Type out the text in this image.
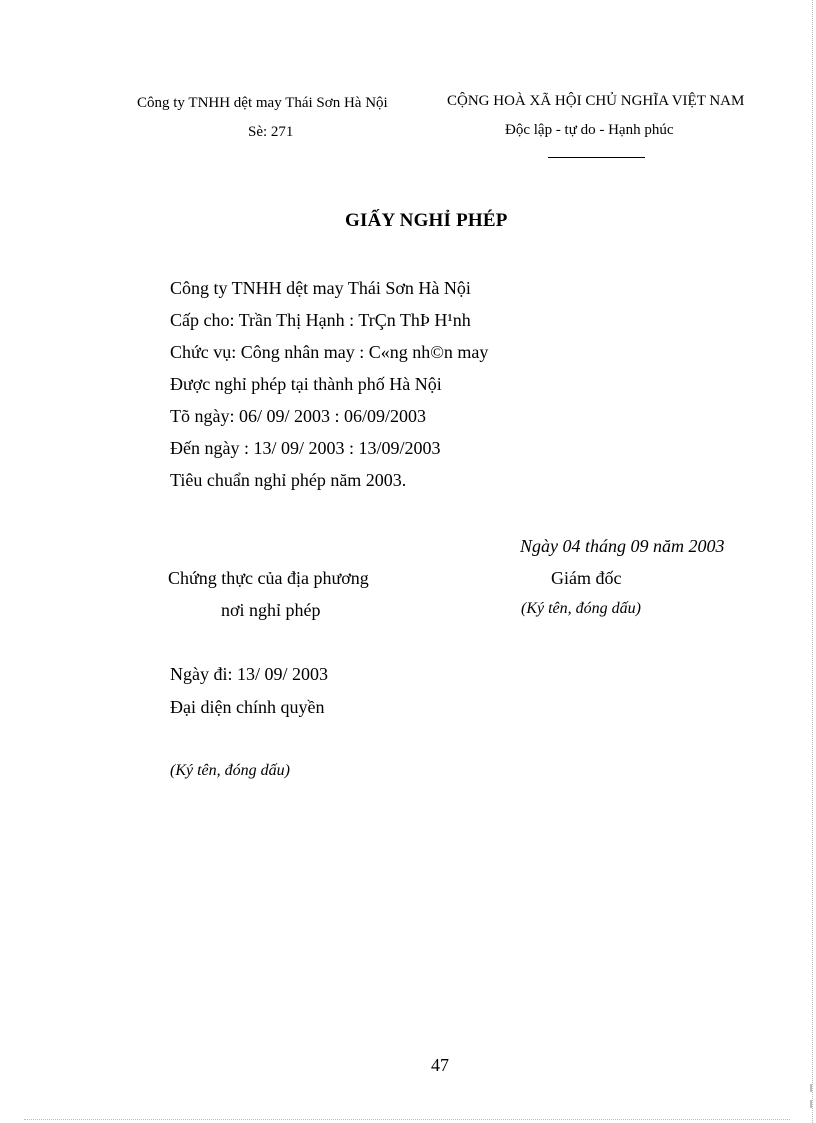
Công ty TNHH dệt may Thái Sơn Hà Nội
Sè: 271
CỘNG HOÀ XÃ HỘI CHỦ NGHĨA VIỆT NAM
Độc lập - tự do - Hạnh phúc
GIẤY NGHỈ PHÉP
Công ty TNHH dệt may Thái Sơn Hà Nội
Cấp cho: Trần Thị Hạnh : TrÇn ThÞ H¹nh
Chức vụ: Công nhân may : C«ng nh©n may
Được nghỉ phép tại thành phố Hà Nội
Tõ ngày: 06/ 09/ 2003 : 06/09/2003
Đến ngày : 13/ 09/ 2003 : 13/09/2003
Tiêu chuẩn nghỉ phép năm 2003.
Ngày 04 tháng 09 năm 2003
Chứng thực của địa phương
nơi nghỉ phép
Giám đốc
(Ký tên, đóng dấu)
Ngày đi: 13/ 09/ 2003
Đại diện chính quyền
(Ký tên, đóng dấu)
47
